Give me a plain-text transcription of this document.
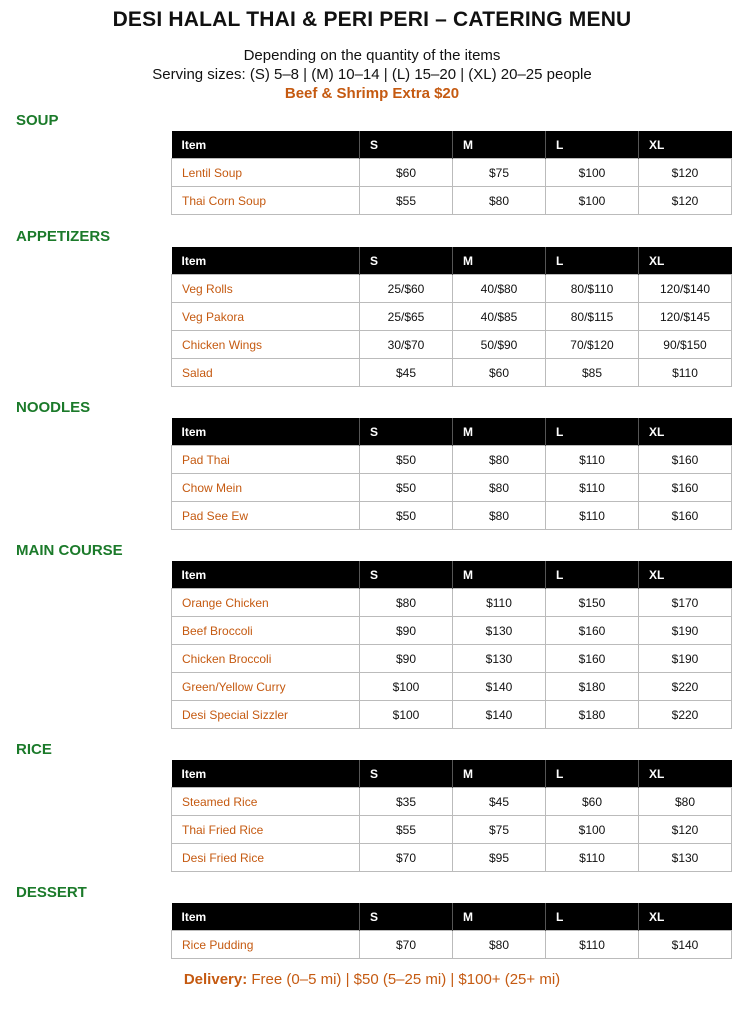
DESI HALAL THAI & PERI PERI – CATERING MENU
Depending on the quantity of the items
Serving sizes: (S) 5–8 | (M) 10–14 | (L) 15–20 | (XL) 20–25 people
Beef & Shrimp Extra $20
SOUP
Item	S	M	L	XL
Lentil Soup	$60	$75	$100	$120
Thai Corn Soup	$55	$80	$100	$120
APPETIZERS
Item	S	M	L	XL
Veg Rolls	25/$60	40/$80	80/$110	120/$140
Veg Pakora	25/$65	40/$85	80/$115	120/$145
Chicken Wings	30/$70	50/$90	70/$120	90/$150
Salad	$45	$60	$85	$110
NOODLES
Item	S	M	L	XL
Pad Thai	$50	$80	$110	$160
Chow Mein	$50	$80	$110	$160
Pad See Ew	$50	$80	$110	$160
MAIN COURSE
Item	S	M	L	XL
Orange Chicken	$80	$110	$150	$170
Beef Broccoli	$90	$130	$160	$190
Chicken Broccoli	$90	$130	$160	$190
Green/Yellow Curry	$100	$140	$180	$220
Desi Special Sizzler	$100	$140	$180	$220
RICE
Item	S	M	L	XL
Steamed Rice	$35	$45	$60	$80
Thai Fried Rice	$55	$75	$100	$120
Desi Fried Rice	$70	$95	$110	$130
DESSERT
Item	S	M	L	XL
Rice Pudding	$70	$80	$110	$140
Delivery: Free (0–5 mi) | $50 (5–25 mi) | $100+ (25+ mi)
